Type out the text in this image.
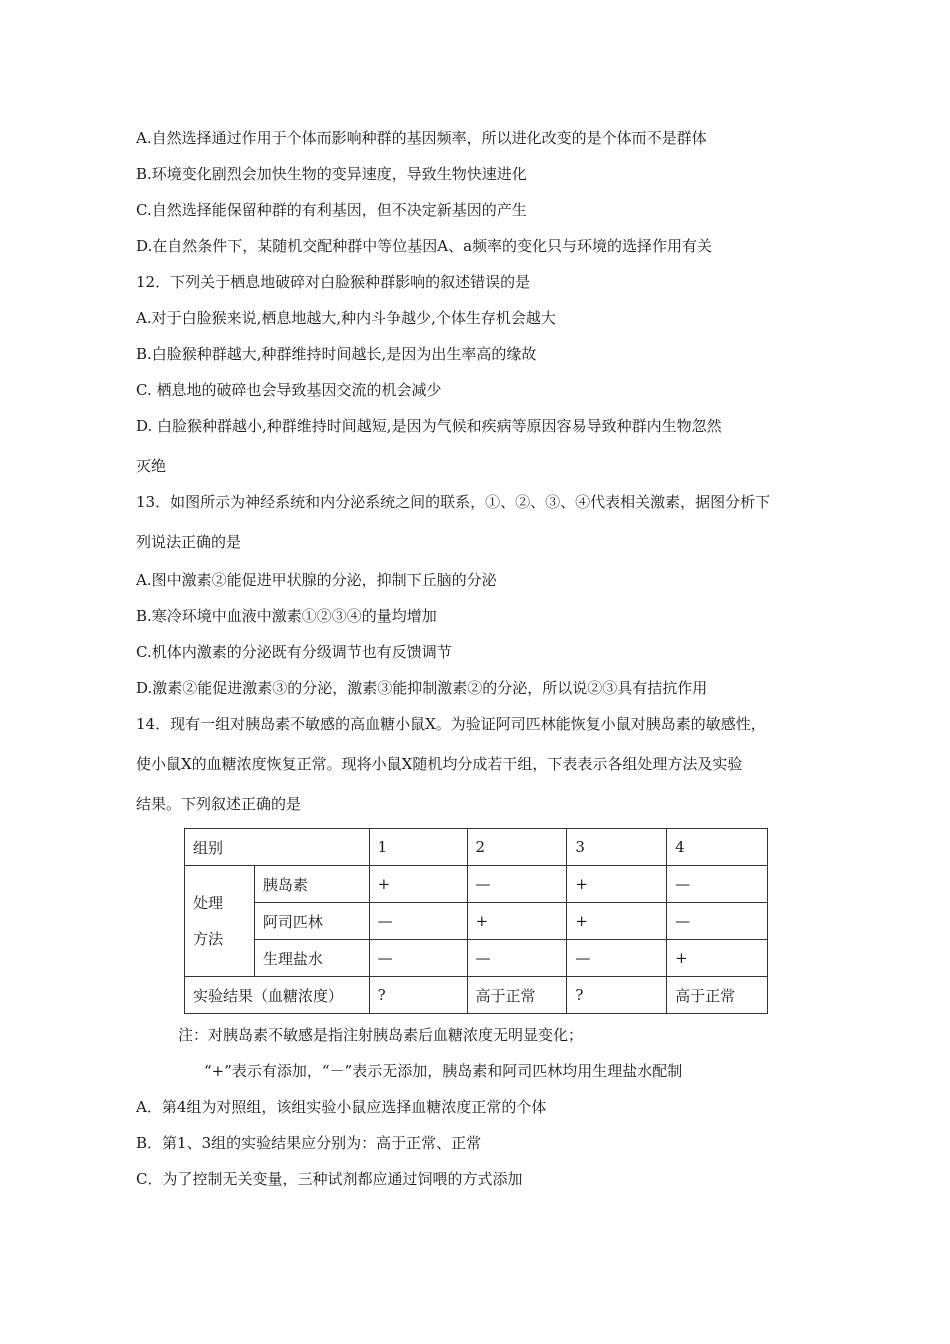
A.自然选择通过作用于个体而影响种群的基因频率，所以进化改变的是个体而不是群体
B.环境变化剧烈会加快生物的变异速度，导致生物快速进化
C.自然选择能保留种群的有利基因，但不决定新基因的产生
D.在自然条件下，某随机交配种群中等位基因A、a频率的变化只与环境的选择作用有关
12．下列关于栖息地破碎对白脸猴种群影响的叙述错误的是
A.对于白脸猴来说,栖息地越大,种内斗争越少,个体生存机会越大
B.白脸猴种群越大,种群维持时间越长,是因为出生率高的缘故
C. 栖息地的破碎也会导致基因交流的机会减少
D. 白脸猴种群越小,种群维持时间越短,是因为气候和疾病等原因容易导致种群内生物忽然
灭绝
13．如图所示为神经系统和内分泌系统之间的联系，①、②、③、④代表相关激素，据图分析下
列说法正确的是
A.图中激素②能促进甲状腺的分泌，抑制下丘脑的分泌
B.寒冷环境中血液中激素①②③④的量均增加
C.机体内激素的分泌既有分级调节也有反馈调节
D.激素②能促进激素③的分泌，激素③能抑制激素②的分泌，所以说②③具有拮抗作用
14．现有一组对胰岛素不敏感的高血糖小鼠X。为验证阿司匹林能恢复小鼠对胰岛素的敏感性，
使小鼠X的血糖浓度恢复正常。现将小鼠X随机均分成若干组，下表表示各组处理方法及实验
结果。下列叙述正确的是
组别		1	2	3	4

处理
方法	胰岛素	+	—	+	—
	阿司匹林	—	+	+	—
	生理盐水	—	—	—	+
实验结果（血糖浓度）		?	高于正常	?	高于正常
注：对胰岛素不敏感是指注射胰岛素后血糖浓度无明显变化；
“+”表示有添加，“－”表示无添加，胰岛素和阿司匹林均用生理盐水配制
A．第4组为对照组，该组实验小鼠应选择血糖浓度正常的个体
B．第1、3组的实验结果应分别为：高于正常、正常
C．为了控制无关变量，三种试剂都应通过饲喂的方式添加
